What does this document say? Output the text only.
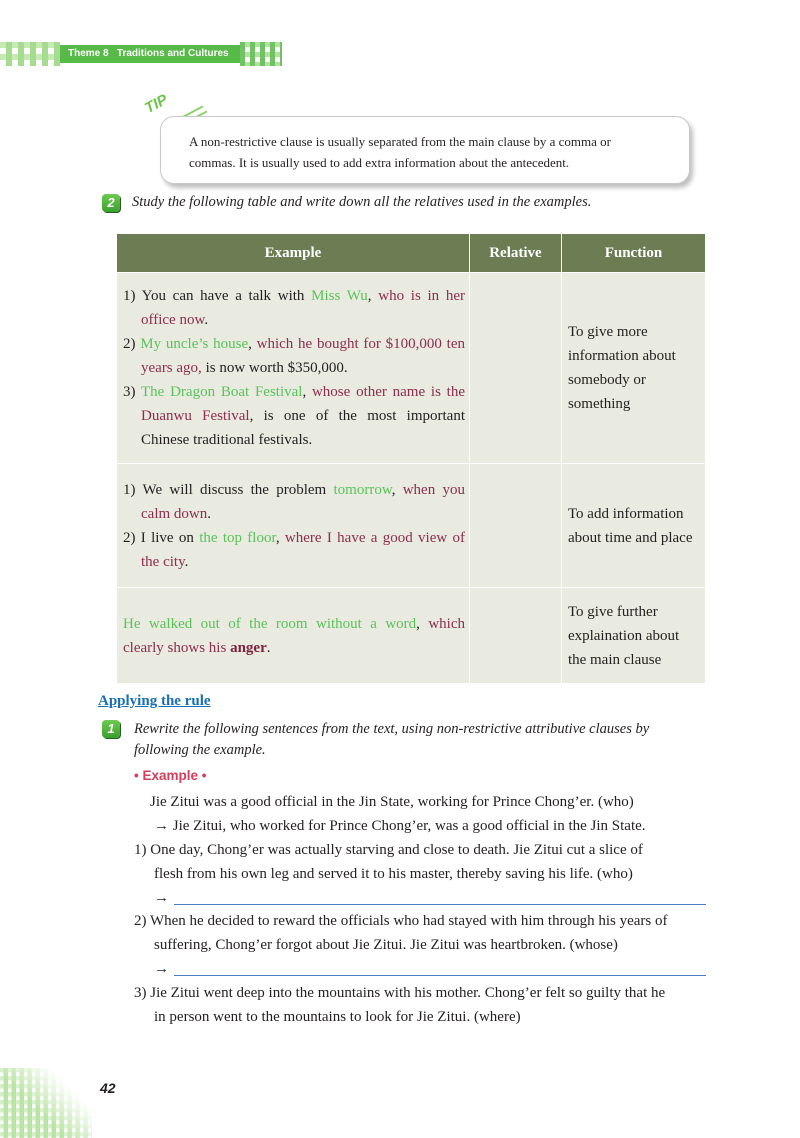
Theme 8   Traditions and Cultures
A non-restrictive clause is usually separated from the main clause by a comma or
commas. It is usually used to add extra information about the antecedent.
TIP
2	Study the following table and write down all the relatives used in the examples.
Example	Relative	Function

1) You can have a talk with Miss Wu, who is in her office now.
2) My uncle’s house, which he bought for $100,000 ten years ago, is now worth $350,000.
3) The Dragon Boat Festival, whose other name is the Duanwu Festival, is one of the most important Chinese traditional festivals.		To give more information about somebody or something

1) We will discuss the problem tomorrow, when you calm down.
2) I live on the top floor, where I have a good view of the city.		To add information about time and place

He walked out of the room without a word, which clearly shows his anger.		To give further explaination about the main clause
Applying the rule
1	Rewrite the following sentences from the text, using non-restrictive attributive clauses by
following the example.
• Example •
Jie Zitui was a good official in the Jin State, working for Prince Chong’er. (who)
→ Jie Zitui, who worked for Prince Chong’er, was a good official in the Jin State.
1) One day, Chong’er was actually starving and close to death. Jie Zitui cut a slice of
flesh from his own leg and served it to his master, thereby saving his life. (who)
→
2) When he decided to reward the officials who had stayed with him through his years of
suffering, Chong’er forgot about Jie Zitui. Jie Zitui was heartbroken. (whose)
→
3) Jie Zitui went deep into the mountains with his mother. Chong’er felt so guilty that he
in person went to the mountains to look for Jie Zitui. (where)
42
